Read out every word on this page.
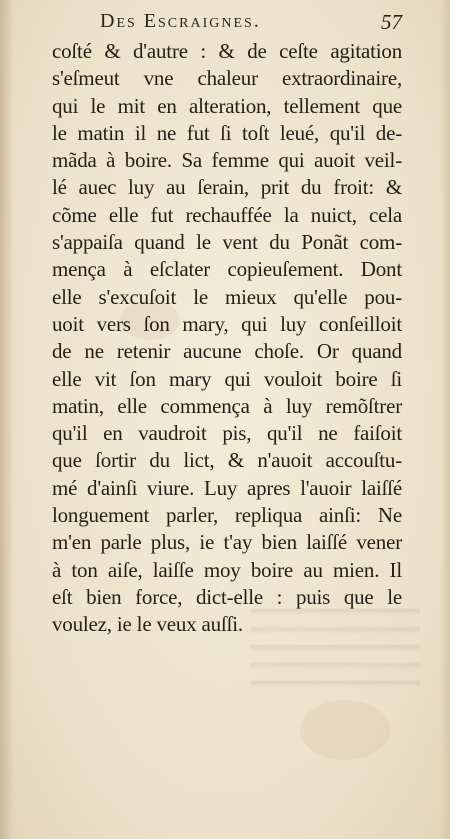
Des Escraignes.	57
coſté & d'autre : & de ceſte agitation
s'eſmeut vne chaleur extraordinaire,
qui le mit en alteration, tellement que
le matin il ne fut ſi toſt leué, qu'il de-
mãda à boire. Sa femme qui auoit veil-
lé auec luy au ſerain, prit du froit: &
cõme elle fut rechauffée la nuict, cela
s'appaiſa quand le vent du Ponãt com-
mença à eſclater copieuſement. Dont
elle s'excuſoit le mieux qu'elle pou-
uoit vers ſon mary, qui luy conſeilloit
de ne retenir aucune choſe. Or quand
elle vit ſon mary qui vouloit boire ſi
matin, elle commença à luy remõſtrer
qu'il en vaudroit pis, qu'il ne faiſoit
que ſortir du lict, & n'auoit accouſtu-
mé d'ainſi viure. Luy apres l'auoir laiſſé
longuement parler, repliqua ainſi: Ne
m'en parle plus, ie t'ay bien laiſſé vener
à ton aiſe, laiſſe moy boire au mien. Il
eſt bien force, dict-elle : puis que le
voulez, ie le veux auſſi.
